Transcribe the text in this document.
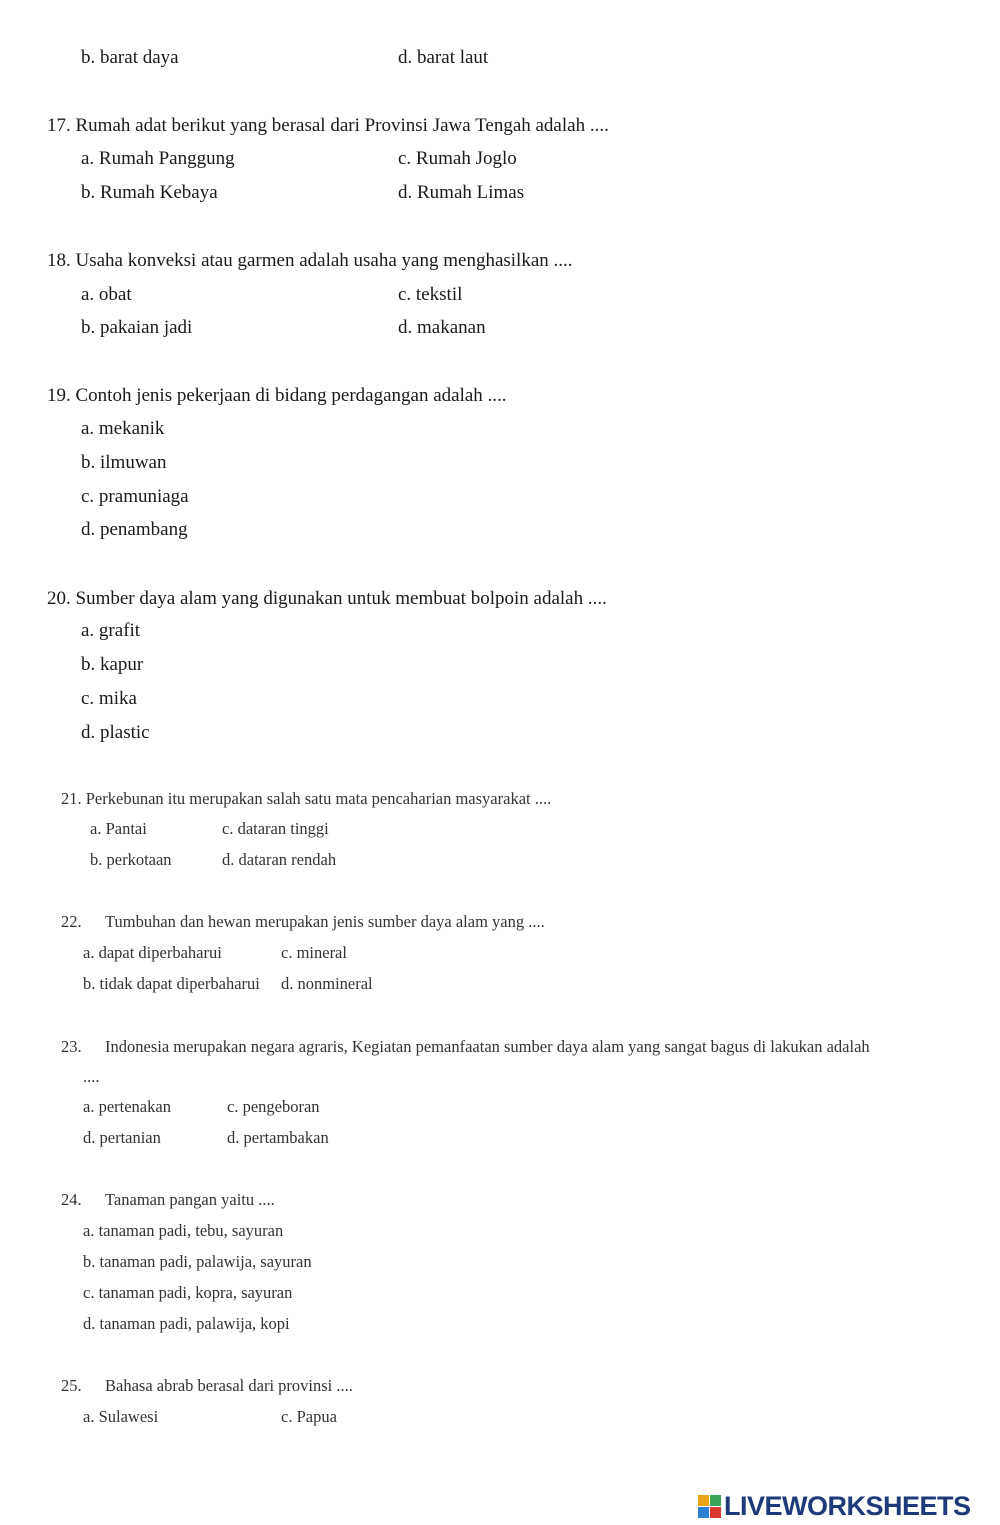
b. barat daya	d. barat laut
17. Rumah adat berikut yang berasal dari Provinsi Jawa Tengah adalah ....
a. Rumah Panggung	c. Rumah Joglo
b. Rumah Kebaya	d. Rumah Limas
18. Usaha konveksi atau garmen adalah usaha yang menghasilkan ....
a. obat	c. tekstil
b. pakaian jadi	d. makanan
19. Contoh jenis pekerjaan di bidang perdagangan adalah ....
a. mekanik
b. ilmuwan
c. pramuniaga
d. penambang
20. Sumber daya alam yang digunakan untuk membuat bolpoin adalah ....
a. grafit
b. kapur
c. mika
d. plastic
21. Perkebunan itu merupakan salah satu mata pencaharian masyarakat ....
a. Pantai	c. dataran tinggi
b. perkotaan	d. dataran rendah
22. Tumbuhan dan hewan merupakan jenis sumber daya alam yang ....
a. dapat diperbaharui	c. mineral
b. tidak dapat diperbaharui d. nonmineral
23. Indonesia merupakan negara agraris, Kegiatan pemanfaatan sumber daya alam yang sangat bagus di lakukan adalah
....
a. pertenakan	c. pengeboran
d. pertanian	d. pertambakan
24. Tanaman pangan yaitu ....
a. tanaman padi, tebu, sayuran
b. tanaman padi, palawija, sayuran
c. tanaman padi, kopra, sayuran
d. tanaman padi, palawija, kopi
25. Bahasa abrab berasal dari provinsi ....
a. Sulawesi	c. Papua
LIVEWORKSHEETS
